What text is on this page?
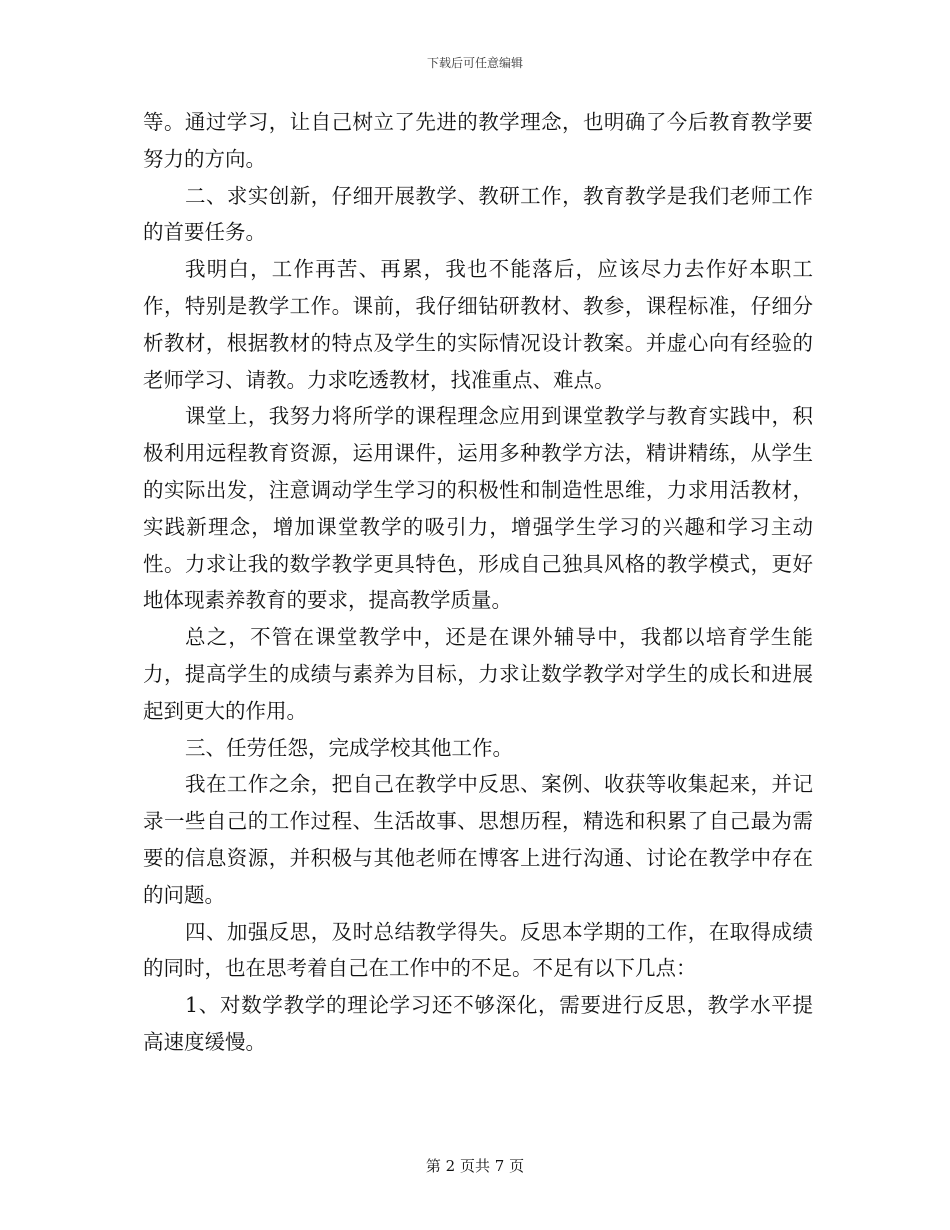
下载后可任意编辑

等。通过学习，让自己树立了先进的教学理念，也明确了今后教育教学要努力的方向。

二、求实创新，仔细开展教学、教研工作，教育教学是我们老师工作的首要任务。

我明白，工作再苦、再累，我也不能落后，应该尽力去作好本职工作，特别是教学工作。课前，我仔细钻研教材、教参，课程标准，仔细分析教材，根据教材的特点及学生的实际情况设计教案。并虚心向有经验的老师学习、请教。力求吃透教材，找准重点、难点。

课堂上，我努力将所学的课程理念应用到课堂教学与教育实践中，积极利用远程教育资源，运用课件，运用多种教学方法，精讲精练，从学生的实际出发，注意调动学生学习的积极性和制造性思维，力求用活教材，实践新理念，增加课堂教学的吸引力，增强学生学习的兴趣和学习主动性。力求让我的数学教学更具特色，形成自己独具风格的教学模式，更好地体现素养教育的要求，提高教学质量。

总之，不管在课堂教学中，还是在课外辅导中，我都以培育学生能力，提高学生的成绩与素养为目标，力求让数学教学对学生的成长和进展起到更大的作用。

三、任劳任怨，完成学校其他工作。

我在工作之余，把自己在教学中反思、案例、收获等收集起来，并记录一些自己的工作过程、生活故事、思想历程，精选和积累了自己最为需要的信息资源，并积极与其他老师在博客上进行沟通、讨论在教学中存在的问题。

四、加强反思，及时总结教学得失。反思本学期的工作，在取得成绩的同时，也在思考着自己在工作中的不足。不足有以下几点：

1、对数学教学的理论学习还不够深化，需要进行反思，教学水平提高速度缓慢。

第 2 页共 7 页
